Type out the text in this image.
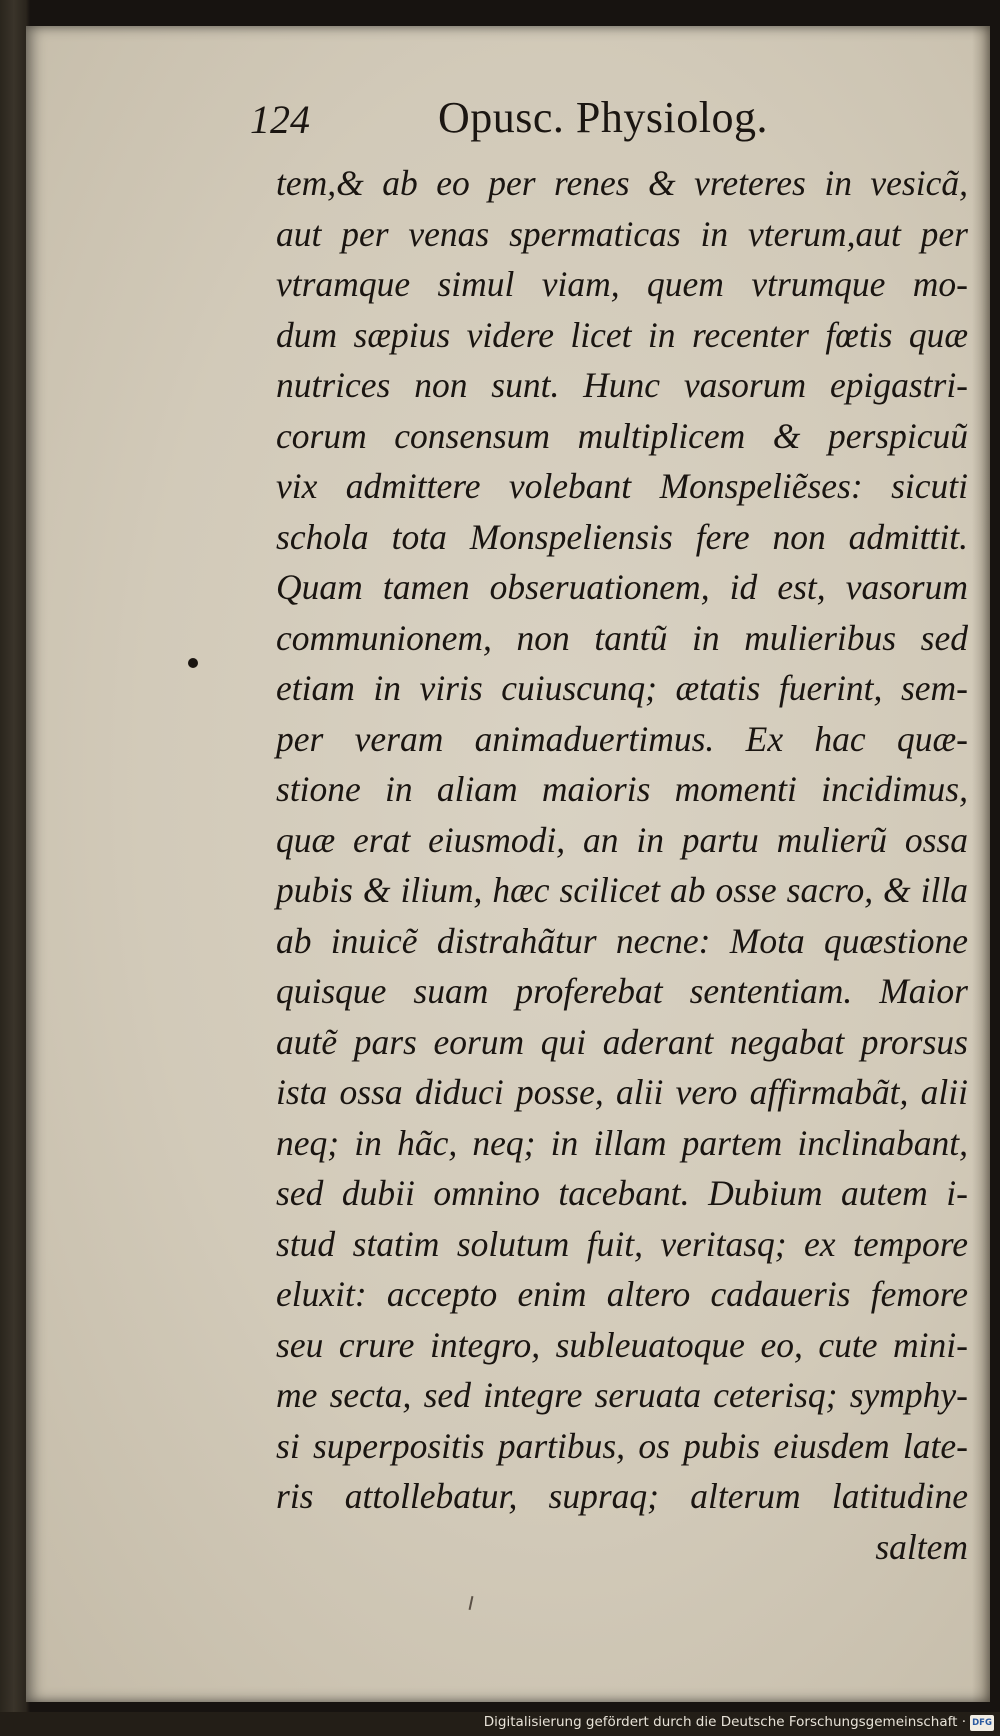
124	Opusc. Physiolog.
tem,& ab eo per renes & vreteres in vesicã,
aut per venas spermaticas in vterum,aut per
vtramque simul viam, quem vtrumque mo-
dum sæpius videre licet in recenter fœtis quæ
nutrices non sunt. Hunc vasorum epigastri-
corum consensum multiplicem & perspicuũ
vix admittere volebant Monspeliẽses: sicuti
schola tota Monspeliensis fere non admittit.
Quam tamen obseruationem, id est, vasorum
communionem, non tantũ in mulieribus sed
etiam in viris cuiuscunq; ætatis fuerint, sem-
per veram animaduertimus. Ex hac quæ-
stione in aliam maioris momenti incidimus,
quæ erat eiusmodi, an in partu mulierũ ossa
pubis & ilium, hæc scilicet ab osse sacro, & illa
ab inuicẽ distrahãtur necne: Mota quæstione
quisque suam proferebat sententiam. Maior
autẽ pars eorum qui aderant negabat prorsus
ista ossa diduci posse, alii vero affirmabãt, alii
neq; in hãc, neq; in illam partem inclinabant,
sed dubii omnino tacebant. Dubium autem i-
stud statim solutum fuit, veritasq; ex tempore
eluxit: accepto enim altero cadaueris femore
seu crure integro, subleuatoque eo, cute mini-
me secta, sed integre seruata ceterisq; symphy-
si superpositis partibus, os pubis eiusdem late-
ris attollebatur, supraq; alterum latitudine
saltem
Digitalisierung gefördert durch die Deutsche Forschungsgemeinschaft · DFG
